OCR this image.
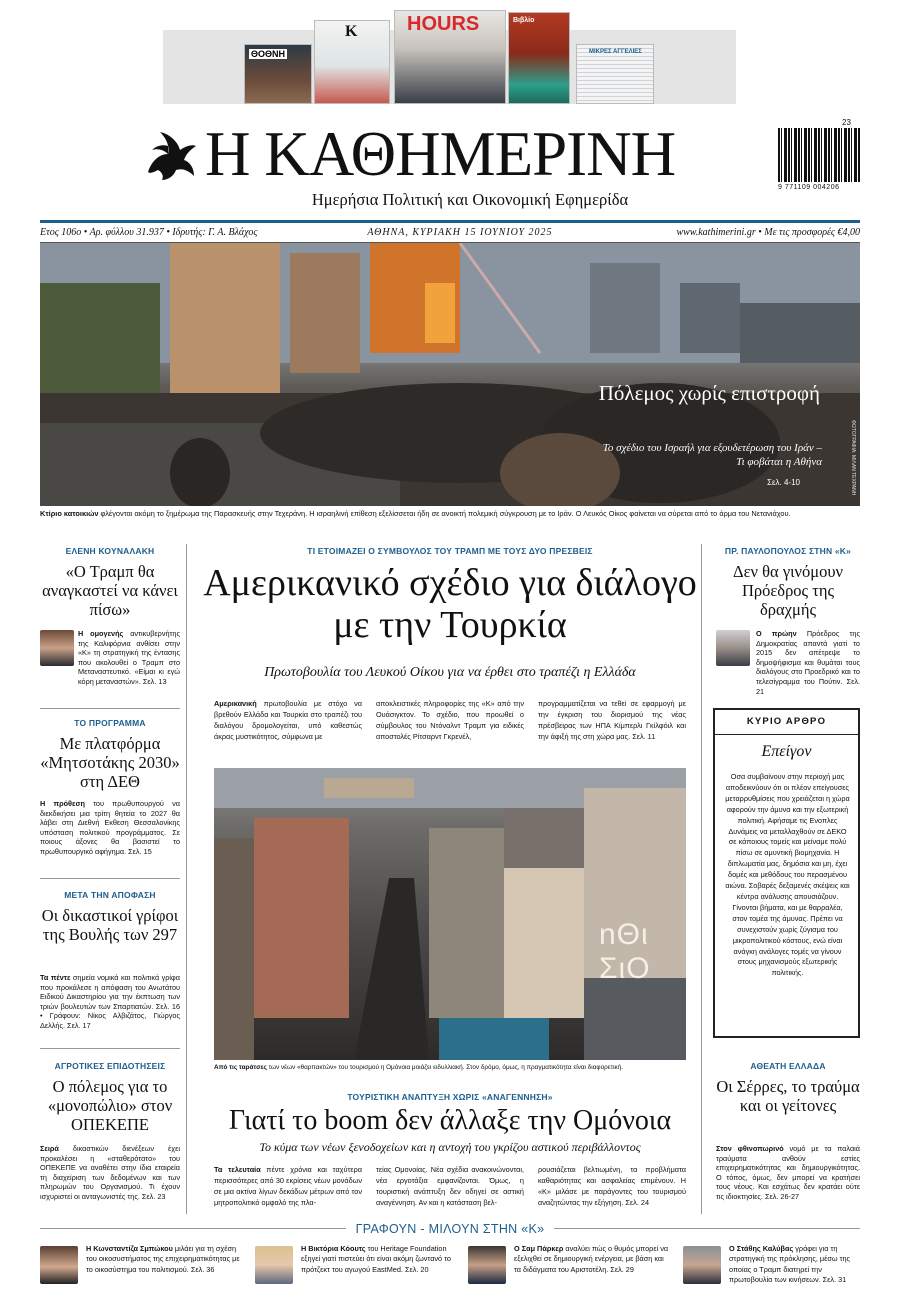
ΘΟΘΝΗ
K HOURS	Βιβλίο
ΜΙΚΡΕΣ ΑΓΓΕΛΙΕΣ
Η ΚΑΘΗΜΕΡΙΝΗ
Ημερήσια Πολιτική και Οικονομική Εφημερίδα
23
9 771109 004206
Ετος 106ο • Αρ. φύλλου 31.937 • Ιδρυτής: Γ. Α. Βλάχος	ΑΘΗΝΑ, ΚΥΡΙΑΚΗ 15 ΙΟΥΝΙΟΥ 2025	www.kathimerini.gr • Με τις προσφορές €4,00
ΦΩΤΟΓΡΑΦΙΑ: ΜΙΛΑΝ ΤΕΧΡΑΝΗ
Πόλεμος χωρίς επιστροφή
Το σχέδιο του Ισραήλ για εξουδετέρωση του Ιράν – Τι φοβάται η Αθήνα
Σελ. 4-10
Κτίριο κατοικιών φλέγονται ακόμη το ξημέρωμα της Παρασκευής στην Τεχεράνη. Η ισραηλινή επίθεση εξελίσσεται ήδη σε ανοικτή πολεμική σύγκρουση με το Ιράν. Ο Λευκός Οίκος φαίνεται να σύρεται από το άρμα του Νετανιάχου.
ΕΛΕΝΗ ΚΟΥΝΑΛΑΚΗ
«Ο Τραμπ θα αναγκαστεί να κάνει πίσω»
Η ομογενής αντικυβερνήτης της Καλιφόρνια ανθίσει στην «Κ» τη στρατηγική της έντασης που ακολουθεί ο Τραμπ στο Μεταναστευτικό. «Είμαι κι εγώ κόρη μεταναστών». Σελ. 13
ΤΟ ΠΡΟΓΡΑΜΜΑ
Με πλατφόρμα «Μητσοτάκης 2030» στη ΔΕΘ
Η πρόθεση του πρωθυπουργού να διεκδικήσει μια τρίτη θητεία το 2027 θα λάβει στη Διεθνή Εκθεση Θεσσαλονίκης υπόσταση πολιτικού προγράμματος. Σε ποιους άξονες θα βασιστεί το πρωθυπουργικό αφήγημα. Σελ. 15
ΜΕΤΑ ΤΗΝ ΑΠΟΦΑΣΗ
Οι δικαστικοί γρίφοι της Βουλής των 297
Τα πέντε σημεία νομικά και πολιτικά γρίφα που προκάλεσε η απόφαση του Ανωτάτου Ειδικού Δικαστηρίου για την έκπτωση των τριών βουλευτών των Σπαρτιατών. Σελ. 16 • Γράφουν: Νίκος Αλβιζάτος, Γιώργος Δελλής. Σελ. 17
ΑΓΡΟΤΙΚΕΣ ΕΠΙΔΟΤΗΣΕΙΣ
Ο πόλεμος για το «μονοπώλιο» στον ΟΠΕΚΕΠΕ
Σειρά δικαστικών διενέξεων έχει προκαλέσει η «σταθερότατο» του ΟΠΕΚΕΠΕ να αναθέτει στην ίδια εταιρεία τη διαχείριση των δεδομένων και των πληρωμών του Οργανισμού. Τι έχουν ισχυριστεί οι ανταγωνιστές της. Σελ. 23
ΤΙ ΕΤΟΙΜΑΖΕΙ Ο ΣΥΜΒΟΥΛΟΣ ΤΟΥ ΤΡΑΜΠ ΜΕ ΤΟΥΣ ΔΥΟ ΠΡΕΣΒΕΙΣ
Αμερικανικό σχέδιο για διάλογο με την Τουρκία
Πρωτοβουλία του Λευκού Οίκου για να έρθει στο τραπέζι η Ελλάδα
Αμερικανική πρωτοβουλία με στόχο να βρεθούν Ελλάδα και Τουρκία στο τραπέζι του διαλόγου δρομολογείται, υπό καθεστώς άκρας μυστικότητος, σύμφωνα με
αποκλειστικές πληροφορίες της «Κ» από την Ουάσιγκτον. Το σχέδιο, που προωθεί ο σύμβουλος του Ντόναλντ Τραμπ για ειδικές αποστολές Ρίτσαρντ Γκρενέλ,
προγραμματίζεται να τεθεί σε εφαρμογή με την έγκριση του διορισμού της νέας πρέσβειρας των ΗΠΑ Κίμπερλι Γκίλφόιλ και την άφιξή της στη χώρα μας. Σελ. 11
nΘι ΣιΟ
Από τις ταράτσες των νέων «θαρπακτών» του τουρισμού η Ομόνοια μοιάζει ειδυλλιακή. Στον δρόμο, όμως, η πραγματικότητα είναι διαφορετική.
ΤΟΥΡΙΣΤΙΚΗ ΑΝΑΠΤΥΞΗ ΧΩΡΙΣ «ΑΝΑΓΕΝΝΗΣΗ»
Γιατί το boom δεν άλλαξε την Ομόνοια
Το κύμα των νέων ξενοδοχείων και η αντοχή του γκρίζου αστικού περιβάλλοντος
Τα τελευταία πέντε χρόνια και ταχύτερα περισσότερες από 30 εκρίσεις νέων μονάδων σε μια ακτίνα λίγων δεκάδων μέτρων από τον μητροπολιτικό ομφαλό της πλα-
τείας Ομονοίας. Νέα σχέδια ανακοινώνονται, νέα εργοτάξια εμφανίζονται. Όμως, η τουριστική ανάπτυξη δεν οδηγεί σε αστική αναγέννηση. Αν και η κατάσταση βελ-
ρουσιάζεται βελτιωμένη, τα προβλήματα καθαριότητας και ασφαλείας επιμένουν. Η «Κ» μιλάσε με παράγοντες του τουρισμού αναζητώντας την εξήγηση. Σελ. 24
ΠΡ. ΠΑΥΛΟΠΟΥΛΟΣ ΣΤΗΝ «Κ»
Δεν θα γινόμουν Πρόεδρος της δραχμής
Ο πρώην Πρόεδρος της Δημοκρατίας απαντά γιατί το 2015 δεν απέτρεψε το δημοψήφισμα και θυμάται τους διαλόγους στο Προεδρικό και το τελεσίγραμμα του Πούτιν. Σελ. 21
ΚΥΡΙΟ ΑΡΘΡΟ
Επείγον
Οσα συμβαίνουν στην περιοχή μας αποδεικνύουν ότι οι πλέον επείγουσες μεταρρυθμίσεις που χρειάζεται η χώρα αφορούν την άμυνα και την εξωτερική πολιτική. Αφήσαμε τις Ενοπλες Δυνάμεις να μεταλλαχθούν σε ΔΕΚΟ σε κάποιους τομείς και μείναμε πολύ πίσω σε αμυντική βιομηχανία. Η διπλωματία μας, δημόσια και μη, έχει δομές και μεθόδους του περασμένου αιώνα. Σοβαρές δεξαμενές σκέψεις και κέντρα ανάλυσης απουσιάζουν. Γίνονται βήματα, και με θαρραλέα, στον τομέα της άμυνας. Πρέπει να συνεχιστούν χωρίς ζύγισμα του μικροπολιτικού κόστους, ενώ είναι ανάγκη ανάλογες τομές να γίνουν στους μηχανισμούς εξωτερικής πολιτικής.
ΑΘΕΑΤΗ ΕΛΛΑΔΑ
Οι Σέρρες, το τραύμα και οι γείτονες
Στον φθινοπωρινό νομό με τα παλαιά τραύματα ανθούν εστίες επιχειρηματικότητας και δημιουργικότητας. Ο τόπος, όμως, δεν μπορεί να κρατήσει τους νέους. Και εσχάτως δεν κρατάει ούτε τις ιδιοκτησίες. Σελ. 26-27
ΓΡΑΦΟΥΝ - ΜΙΛΟΥΝ ΣΤΗΝ «Κ»
Η Κωνσταντίζα Σμπώκου μιλάει για τη σχέση του οικοσυστήματος της επιχειρηματικότητας με το οικοσύστημα του πολιτισμού. Σελ. 36
Η Βικτόρια Κόουτς του Heritage Foundation εξηγεί γιατί πιστεύει ότι είναι ακόμη ζωντανό το πρότζεκτ του αγωγού EastMed. Σελ. 20
Ο Σαμ Πάρκερ αναλύει πώς ο θυμός μπορεί να εξελιχθεί σε δημιουργική ενέργεια, με βάση και τα διδάγματα του Αριστοτέλη. Σελ. 29
Ο Στάθης Καλύβας γράφει για τη στρατηγική της πρόκλησης, μέσω της οποίας ο Τραμπ διατηρεί την πρωτοβουλία των κινήσεων. Σελ. 31
